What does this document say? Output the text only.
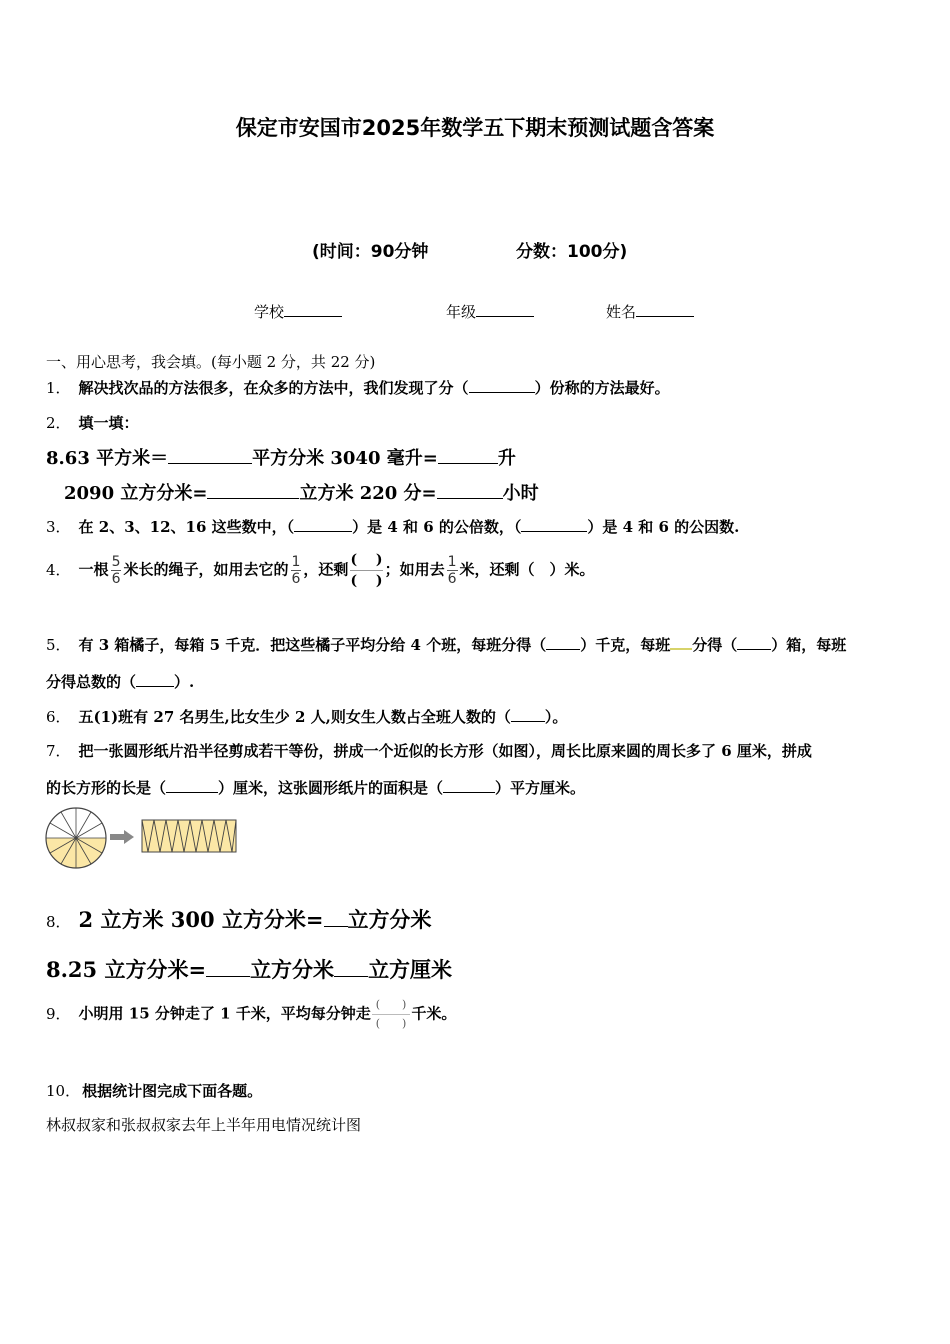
保定市安国市2025年数学五下期末预测试题含答案
(时间：90分钟	分数：100分)
学校	年级	姓名
一、用心思考，我会填。(每小题 2 分，共 22 分)
1． 解决找次品的方法很多，在众多的方法中，我们发现了分（	）份称的方法最好。
2． 填一填：
8.63 平方米＝	平方分米 3040 毫升=	升
2090 立方分米=	立方米 220 分=	小时
3． 在 2、3、12、16 这些数中，（	）是 4 和 6 的公倍数，（	）是 4 和 6 的公因数.
4． 一根 $\frac{5}{6}$ 米长的绳子，如用去它的 $\frac{1}{6}$ ，还剩
(　 )
(　 )
；如用去 $\frac{1}{6}$ 米，还剩（　）米。
5． 有 3 箱橘子，每箱 5 千克．把这些橘子平均分给 4 个班，每班分得（ ）千克，每班 分得（ ）箱，每班
分得总数的（	）.
6． 五(1)班有 27 名男生,比女生少 2 人,则女生人数占全班人数的（ ）。
7． 把一张圆形纸片沿半径剪成若干等份，拼成一个近似的长方形（如图），周长比原来圆的周长多了 6 厘米，拼成
的长方形的长是（	）厘米，这张圆形纸片的面积是（	）平方厘米。
8． 2 立方米 300 立方分米= 立方分米
8.25 立方分米= 立方分米 立方厘米
9． 小明用 15 分钟走了 1 千米，平均每分钟走 (　　)
(　　)
千米。
10． 根据统计图完成下面各题。
林叔叔家和张叔叔家去年上半年用电情况统计图
